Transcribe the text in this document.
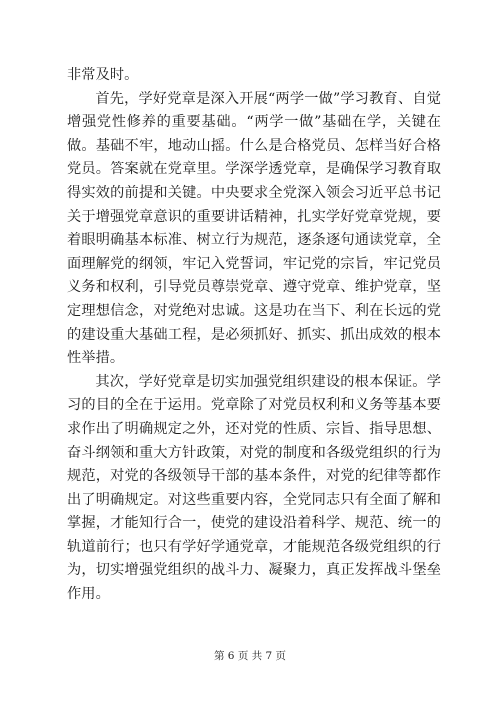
非常及时。

首先，学好党章是深入开展“两学一做”学习教育、自觉增强党性修养的重要基础。“两学一做”基础在学，关键在做。基础不牢，地动山摇。什么是合格党员、怎样当好合格党员。答案就在党章里。学深学透党章，是确保学习教育取得实效的前提和关键。中央要求全党深入领会习近平总书记关于增强党章意识的重要讲话精神，扎实学好党章党规，要着眼明确基本标准、树立行为规范，逐条逐句通读党章，全面理解党的纲领，牢记入党誓词，牢记党的宗旨，牢记党员义务和权利，引导党员尊崇党章、遵守党章、维护党章，坚定理想信念，对党绝对忠诚。这是功在当下、利在长远的党的建设重大基础工程，是必须抓好、抓实、抓出成效的根本性举措。

其次，学好党章是切实加强党组织建设的根本保证。学习的目的全在于运用。党章除了对党员权利和义务等基本要求作出了明确规定之外，还对党的性质、宗旨、指导思想、奋斗纲领和重大方针政策，对党的制度和各级党组织的行为规范，对党的各级领导干部的基本条件，对党的纪律等都作出了明确规定。对这些重要内容，全党同志只有全面了解和掌握，才能知行合一，使党的建设沿着科学、规范、统一的轨道前行；也只有学好学通党章，才能规范各级党组织的行为，切实增强党组织的战斗力、凝聚力，真正发挥战斗堡垒作用。

第 6 页 共 7 页
